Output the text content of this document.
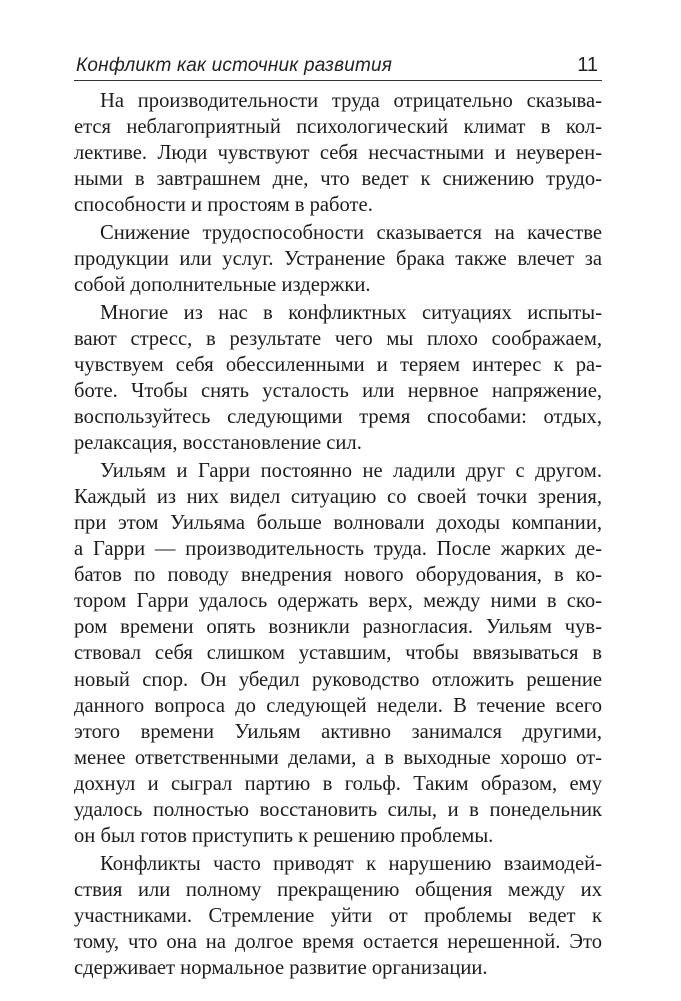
Конфликт как источник развития	11
На производительности труда отрицательно сказыва-
ется неблагоприятный психологический климат в кол-
лективе. Люди чувствуют себя несчастными и неуверен-
ными в завтрашнем дне, что ведет к снижению трудо-
способности и простоям в работе.
Снижение трудоспособности сказывается на качестве
продукции или услуг. Устранение брака также влечет за
собой дополнительные издержки.
Многие из нас в конфликтных ситуациях испыты-
вают стресс, в результате чего мы плохо соображаем,
чувствуем себя обессиленными и теряем интерес к ра-
боте. Чтобы снять усталость или нервное напряжение,
воспользуйтесь следующими тремя способами: отдых,
релаксация, восстановление сил.
Уильям и Гарри постоянно не ладили друг с другом.
Каждый из них видел ситуацию со своей точки зрения,
при этом Уильяма больше волновали доходы компании,
а Гарри — производительность труда. После жарких де-
батов по поводу внедрения нового оборудования, в ко-
тором Гарри удалось одержать верх, между ними в ско-
ром времени опять возникли разногласия. Уильям чув-
ствовал себя слишком уставшим, чтобы ввязываться в
новый спор. Он убедил руководство отложить решение
данного вопроса до следующей недели. В течение всего
этого времени Уильям активно занимался другими,
менее ответственными делами, а в выходные хорошо от-
дохнул и сыграл партию в гольф. Таким образом, ему
удалось полностью восстановить силы, и в понедельник
он был готов приступить к решению проблемы.
Конфликты часто приводят к нарушению взаимодей-
ствия или полному прекращению общения между их
участниками. Стремление уйти от проблемы ведет к
тому, что она на долгое время остается нерешенной. Это
сдерживает нормальное развитие организации.
